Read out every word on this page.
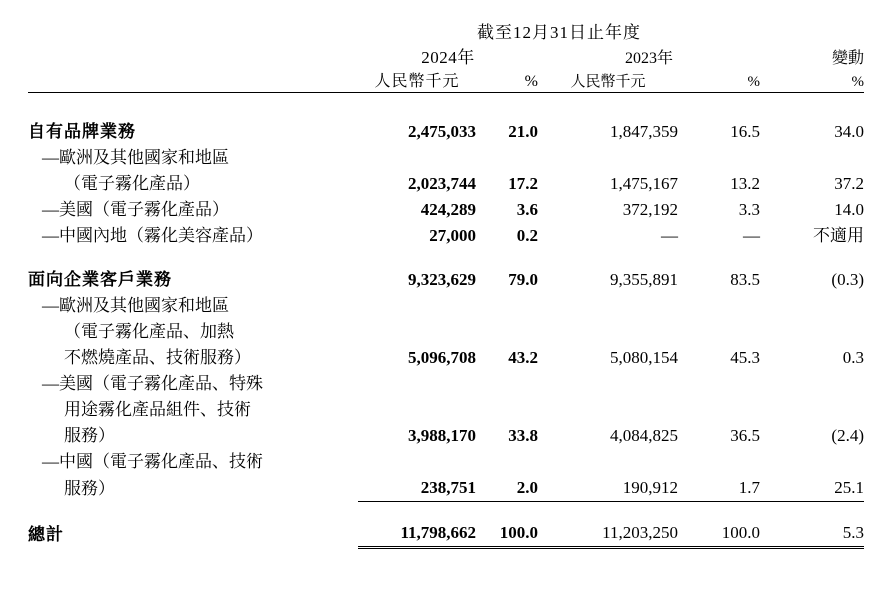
	截至12月31日止年度				
	2024年		2023年		變動
	人民幣千元	%	人民幣千元	%	%

自有品牌業務	2,475,033	21.0	1,847,359	16.5	34.0
—歐洲及其他國家和地區					
（電子霧化產品）	2,023,744	17.2	1,475,167	13.2	37.2
—美國（電子霧化產品）	424,289	3.6	372,192	3.3	14.0
—中國內地（霧化美容產品）	27,000	0.2	—	—	不適用

面向企業客戶業務	9,323,629	79.0	9,355,891	83.5	(0.3)
—歐洲及其他國家和地區					
（電子霧化產品、加熱					
不燃燒產品、技術服務）	5,096,708	43.2	5,080,154	45.3	0.3
—美國（電子霧化產品、特殊					
用途霧化產品組件、技術					
服務）	3,988,170	33.8	4,084,825	36.5	(2.4)
—中國（電子霧化產品、技術					
服務）	238,751	2.0	190,912	1.7	25.1

總計	11,798,662	100.0	11,203,250	100.0	5.3
